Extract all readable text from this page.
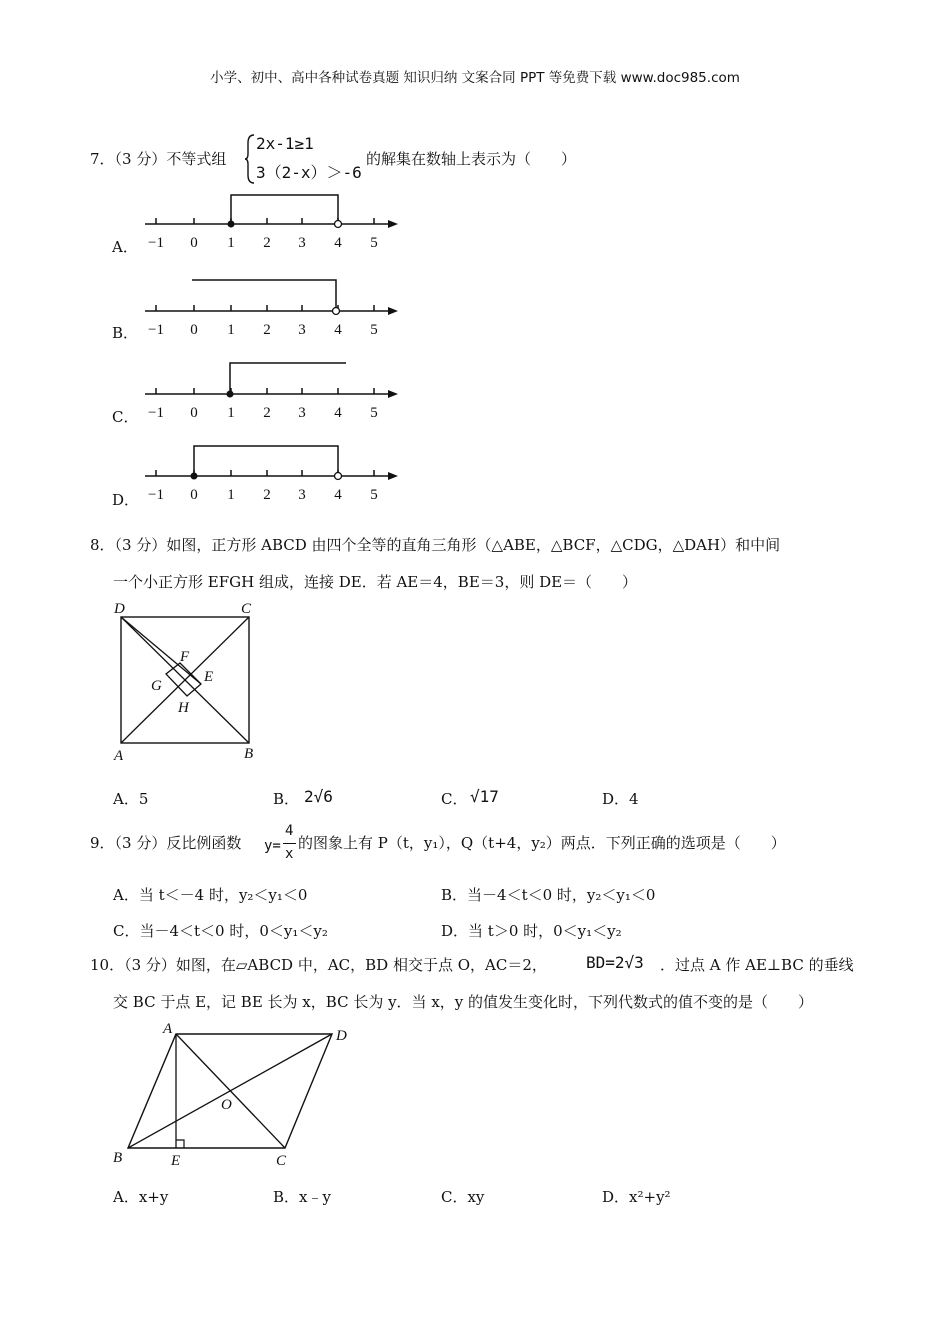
小学、初中、高中各种试卷真题 知识归纳 文案合同 PPT 等免费下载 www.doc985.com
7．（3 分）不等式组
2x-1≥1
3（2-x）＞-6
的解集在数轴上表示为（　　）
A．
B．
C．
D．
−1 0 1 2 3 4 5
−1 0 1 2 3 4 5
−1 0 1 2 3 4 5
−1 0 1 2 3 4 5
8．（3 分）如图，正方形 ABCD 由四个全等的直角三角形（△ABE，△BCF，△CDG，△DAH）和中间
一个小正方形 EFGH 组成，连接 DE．若 AE＝4，BE＝3，则 DE＝（　　）
D	C
F
E
G
H
A	B
A．5	B． 2√6	C． √17	D．4
9．（3 分）反比例函数 y=
4
x
的图象上有 P（t，y₁），Q（t+4，y₂）两点．下列正确的选项是（　　）
A．当 t＜－4 时，y₂＜y₁＜0	B．当－4＜t＜0 时，y₂＜y₁＜0
C．当－4＜t＜0 时，0＜y₁＜y₂	D．当 t＞0 时，0＜y₁＜y₂
10．（3 分）如图，在▱ABCD 中，AC，BD 相交于点 O，AC＝2， BD=2√3 ．过点 A 作 AE⊥BC 的垂线
交 BC 于点 E，记 BE 长为 x，BC 长为 y．当 x，y 的值发生变化时，下列代数式的值不变的是（　　）
A	D
O
B	E	C
A．x+y	B．x﹣y	C．xy	D．x²+y²
